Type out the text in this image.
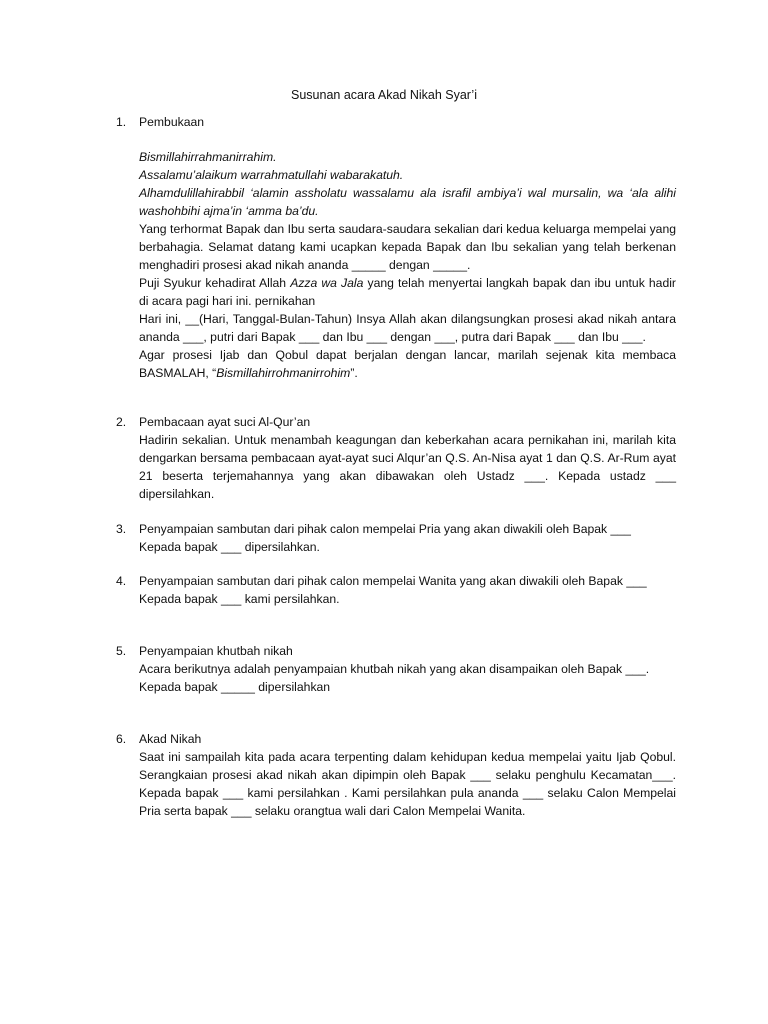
Susunan acara Akad Nikah Syar’i
1.	Pembukaan

Bismillahirrahmanirrahim.

Assalamu’alaikum warrahmatullahi wabarakatuh.

Alhamdulillahirabbil ‘alamin assholatu wassalamu ala israfil ambiya’i wal mursalin, wa ‘ala alihi washohbihi ajma’in ‘amma ba’du.

Yang terhormat Bapak dan Ibu serta saudara-saudara sekalian dari kedua keluarga mempelai yang berbahagia. Selamat datang kami ucapkan kepada Bapak dan Ibu sekalian yang telah berkenan menghadiri prosesi akad nikah ananda _____ dengan _____.

Puji Syukur kehadirat Allah Azza wa Jala yang telah menyertai langkah bapak dan ibu untuk hadir di acara pagi hari ini. pernikahan

Hari ini, __(Hari, Tanggal-Bulan-Tahun) Insya Allah akan dilangsungkan prosesi akad nikah antara ananda ___, putri dari Bapak ___ dan Ibu ___ dengan ___, putra dari Bapak ___ dan Ibu ___.

Agar prosesi Ijab dan Qobul dapat berjalan dengan lancar, marilah sejenak kita membaca BASMALAH, “Bismillahirrohmanirrohim”.

2.	Pembacaan ayat suci Al-Qur’an

Hadirin sekalian. Untuk menambah keagungan dan keberkahan acara pernikahan ini, marilah kita dengarkan bersama pembacaan ayat-ayat suci Alqur’an Q.S. An-Nisa ayat 1 dan Q.S. Ar-Rum ayat 21 beserta terjemahannya yang akan dibawakan oleh Ustadz ___. Kepada ustadz ___ dipersilahkan.

3.	Penyampaian sambutan dari pihak calon mempelai Pria yang akan diwakili oleh Bapak ___

Kepada bapak ___ dipersilahkan.

4.	Penyampaian sambutan dari pihak calon mempelai Wanita yang akan diwakili oleh Bapak ___

Kepada bapak ___ kami persilahkan.

5.	Penyampaian khutbah nikah

Acara berikutnya adalah penyampaian khutbah nikah yang akan disampaikan oleh Bapak ___.

Kepada bapak _____ dipersilahkan

6.	Akad Nikah

Saat ini sampailah kita pada acara terpenting dalam kehidupan kedua mempelai yaitu Ijab Qobul. Serangkaian prosesi akad nikah akan dipimpin oleh Bapak ___ selaku penghulu Kecamatan___. Kepada bapak ___ kami persilahkan . Kami persilahkan pula ananda ___ selaku Calon Mempelai Pria serta bapak ___ selaku orangtua wali dari Calon Mempelai Wanita.
